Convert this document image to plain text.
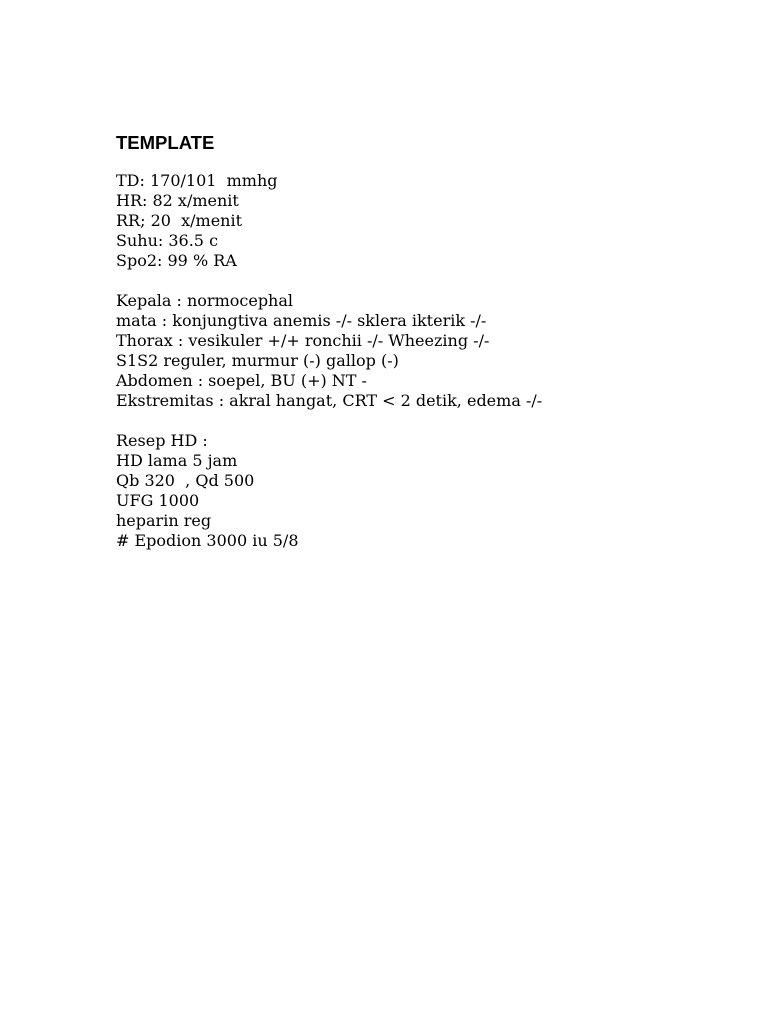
TEMPLATE
TD: 170/101  mmhg
HR: 82 x/menit
RR; 20  x/menit
Suhu: 36.5 c
Spo2: 99 % RA
Kepala : normocephal
mata : konjungtiva anemis -/- sklera ikterik -/-
Thorax : vesikuler +/+ ronchii -/- Wheezing -/-
S1S2 reguler, murmur (-) gallop (-)
Abdomen : soepel, BU (+) NT -
Ekstremitas : akral hangat, CRT < 2 detik, edema -/-
Resep HD :
HD lama 5 jam
Qb 320  , Qd 500
UFG 1000
heparin reg
# Epodion 3000 iu 5/8
